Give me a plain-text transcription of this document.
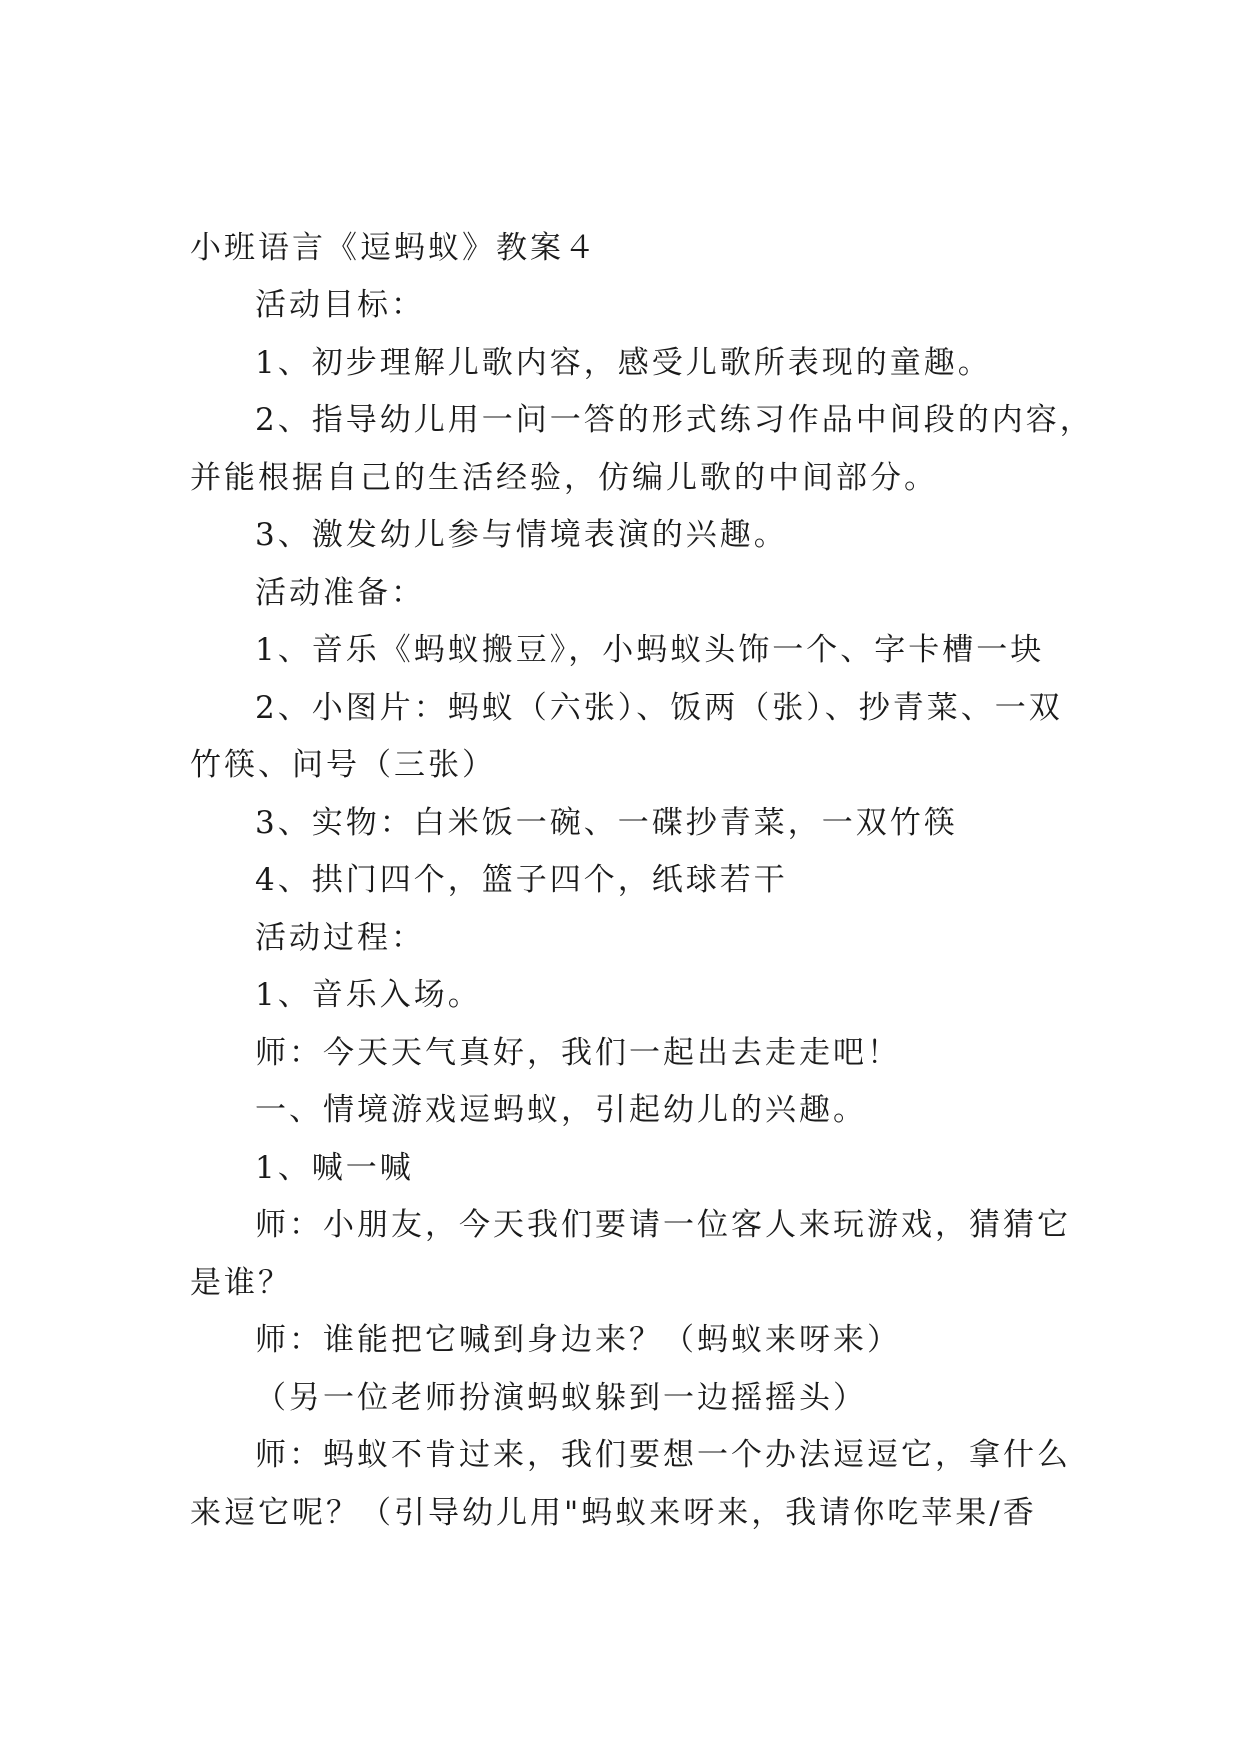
小班语言《逗蚂蚁》教案４
活动目标：
1、初步理解儿歌内容，感受儿歌所表现的童趣。
2、指导幼儿用一问一答的形式练习作品中间段的内容，
并能根据自己的生活经验，仿编儿歌的中间部分。
3、激发幼儿参与情境表演的兴趣。
活动准备：
1、音乐《蚂蚁搬豆》，小蚂蚁头饰一个、字卡槽一块
2、小图片：蚂蚁（六张）、饭两（张）、抄青菜、一双
竹筷、问号（三张）
3、实物：白米饭一碗、一碟抄青菜，一双竹筷
4、拱门四个，篮子四个，纸球若干
活动过程：
1、音乐入场。
师：今天天气真好，我们一起出去走走吧！
一、情境游戏逗蚂蚁，引起幼儿的兴趣。
1、喊一喊
师：小朋友，今天我们要请一位客人来玩游戏，猜猜它
是谁？
师：谁能把它喊到身边来？（蚂蚁来呀来）
（另一位老师扮演蚂蚁躲到一边摇摇头）
师：蚂蚁不肯过来，我们要想一个办法逗逗它，拿什么
来逗它呢？（引导幼儿用"蚂蚁来呀来，我请你吃苹果/香
